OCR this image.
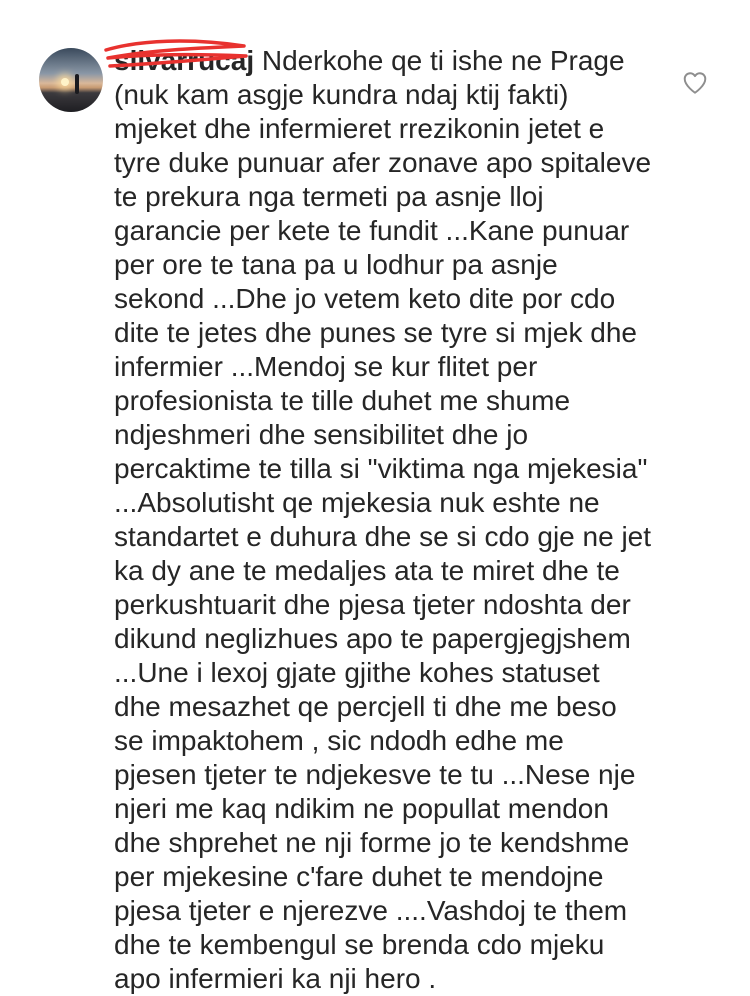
silvarrucaj Nderkohe qe ti ishe ne Prage (nuk kam asgje kundra ndaj ktij fakti) mjeket dhe infermieret rrezikonin jetet e tyre duke punuar afer zonave apo spitaleve te prekura nga termeti pa asnje lloj garancie per kete te fundit ...Kane punuar per ore te tana pa u lodhur pa asnje sekond ...Dhe jo vetem keto dite por cdo dite te jetes dhe punes se tyre si mjek dhe infermier ...Mendoj se kur flitet per profesionista te tille duhet me shume ndjeshmeri dhe sensibilitet dhe jo percaktime te tilla si "viktima nga mjekesia" ...Absolutisht qe mjekesia nuk eshte ne standartet e duhura dhe se si cdo gje ne jet ka dy ane te medaljes ata te miret dhe te perkushtuarit dhe pjesa tjeter ndoshta der dikund neglizhues apo te papergjegjshem ...Une i lexoj gjate gjithe kohes statuset dhe mesazhet qe percjell ti dhe me beso se impaktohem , sic ndodh edhe me pjesen tjeter te ndjekesve te tu ...Nese nje njeri me kaq ndikim ne popullat mendon dhe shprehet ne nji forme jo te kendshme per mjekesine c'fare duhet te mendojne pjesa tjeter e njerezve ....Vashdoj te them dhe te kembengul se brenda cdo mjeku apo infermieri ka nji hero .
